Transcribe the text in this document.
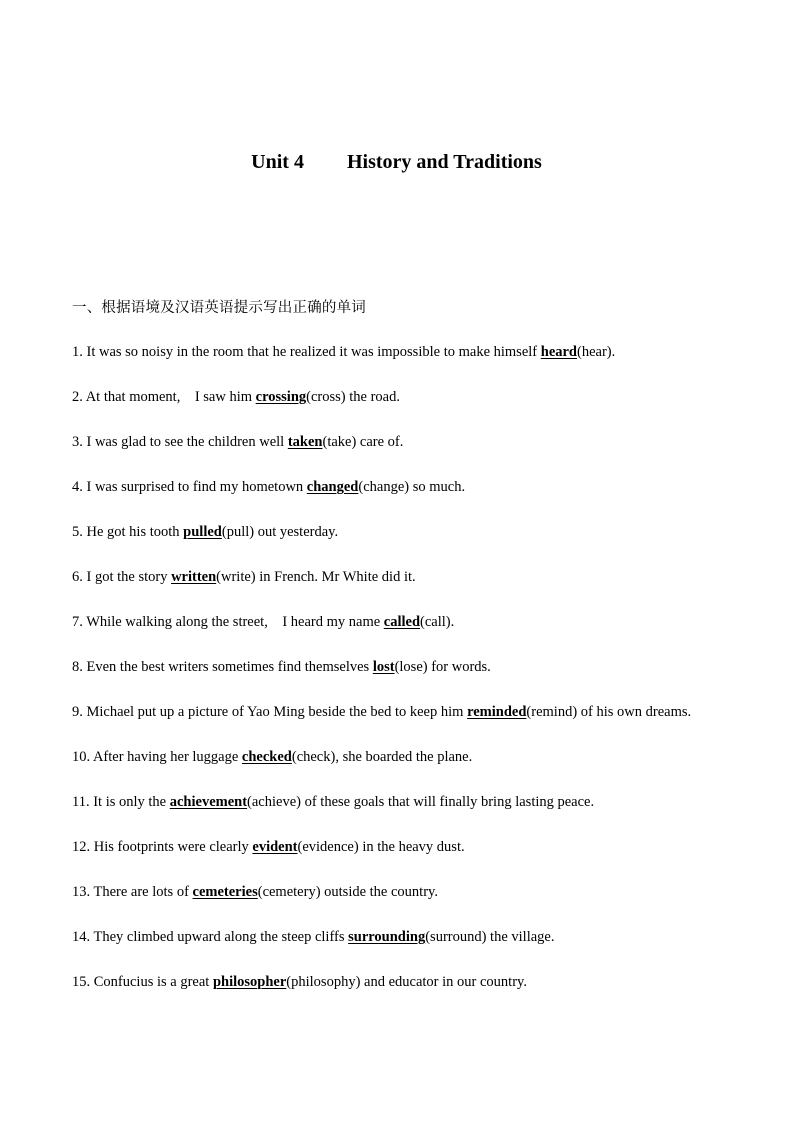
Unit 4 History and Traditions
一、根据语境及汉语英语提示写出正确的单词

1. It was so noisy in the room that he realized it was impossible to make himself heard(hear).

2. At that moment,　I saw him crossing(cross) the road.

3. I was glad to see the children well taken(take) care of.

4. I was surprised to find my hometown changed(change) so much.

5. He got his tooth pulled(pull) out yesterday.

6. I got the story written(write) in French. Mr White did it.

7. While walking along the street,　I heard my name called(call).

8. Even the best writers sometimes find themselves lost(lose) for words.

9. Michael put up a picture of Yao Ming beside the bed to keep him reminded(remind) of his own dreams.

10. After having her luggage checked(check), she boarded the plane.

11. It is only the achievement(achieve) of these goals that will finally bring lasting peace.

12. His footprints were clearly evident(evidence) in the heavy dust.

13. There are lots of cemeteries(cemetery) outside the country.

14. They climbed upward along the steep cliffs surrounding(surround) the village.

15. Confucius is a great philosopher(philosophy) and educator in our country.
